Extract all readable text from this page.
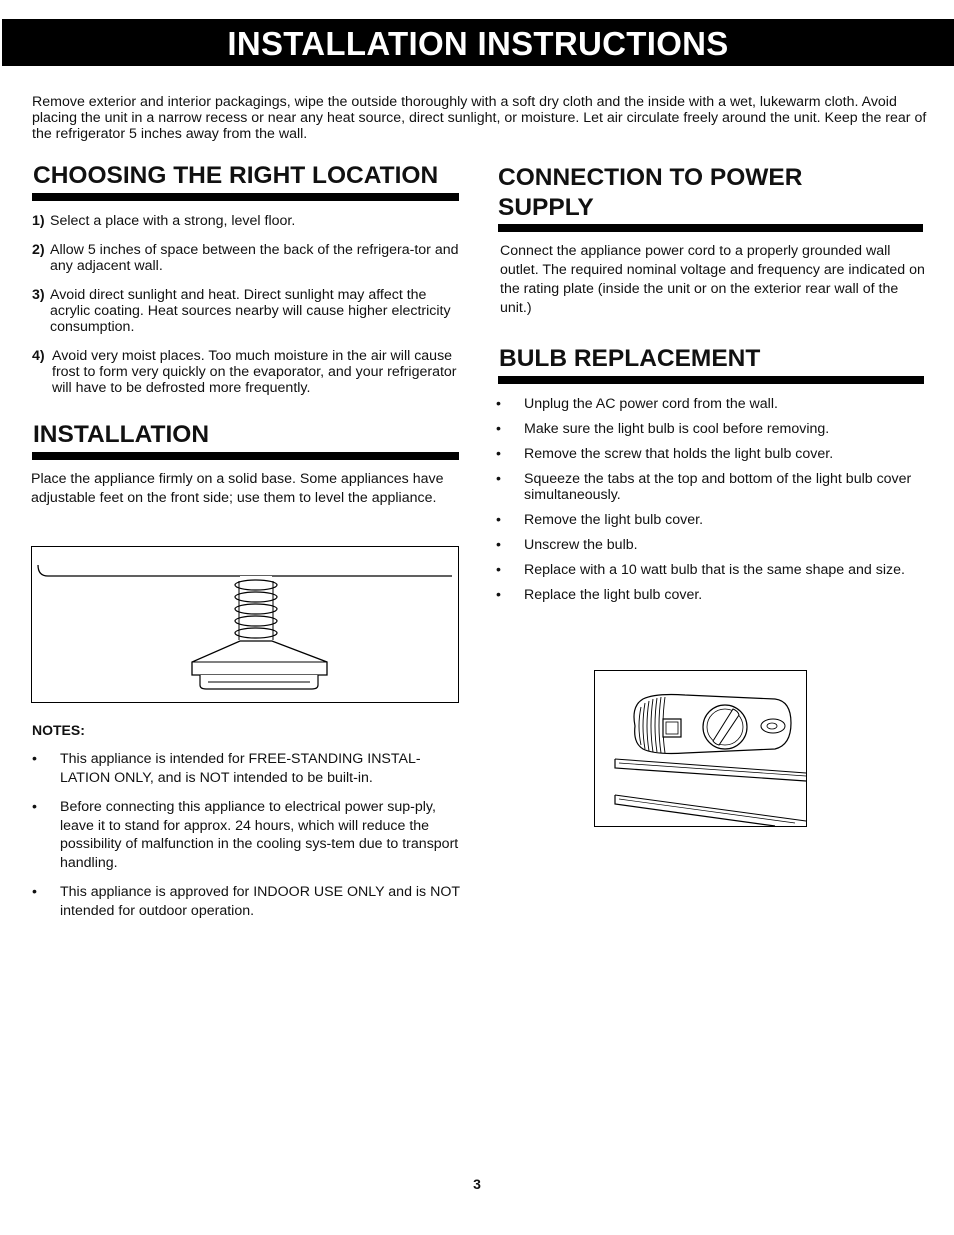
INSTALLATION INSTRUCTIONS

Remove exterior and interior packagings, wipe the outside thoroughly with a soft dry cloth and the inside with a wet, lukewarm cloth. Avoid placing the unit in a narrow recess or near any heat source, direct sunlight, or moisture. Let air circulate freely around the unit. Keep the rear of the refrigerator 5 inches away from the wall.

CHOOSING THE RIGHT LOCATION
1) Select a place with a strong, level floor.
2) Allow 5 inches of space between the back of the refrigera-tor and any adjacent wall.
3) Avoid direct sunlight and heat. Direct sunlight may affect the acrylic coating. Heat sources nearby will cause higher electricity consumption.
4) Avoid very moist places. Too much moisture in the air will cause frost to form very quickly on the evaporator, and your refrigerator will have to be defrosted more frequently.
INSTALLATION

Place the appliance firmly on a solid base. Some appliances have adjustable feet on the front side; use them to level the appliance.

NOTES:

• This appliance is intended for FREE-STANDING INSTAL-LATION ONLY, and is NOT intended to be built-in.
• Before connecting this appliance to electrical power sup-ply, leave it to stand for approx. 24 hours, which will reduce the possibility of malfunction in the cooling sys-tem due to transport handling.
• This appliance is approved for INDOOR USE ONLY and is NOT intended for outdoor operation.
CONNECTION TO POWER
SUPPLY

Connect the appliance power cord to a properly grounded wall outlet. The required nominal voltage and frequency are indicated on the rating plate (inside the unit or on the exterior rear wall of the unit.)

BULB REPLACEMENT
• Unplug the AC power cord from the wall.
• Make sure the light bulb is cool before removing.
• Remove the screw that holds the light bulb cover.
• Squeeze the tabs at the top and bottom of the light bulb cover simultaneously.
• Remove the light bulb cover.
• Unscrew the bulb.
• Replace with a 10 watt bulb that is the same shape and size.
• Replace the light bulb cover.
3
